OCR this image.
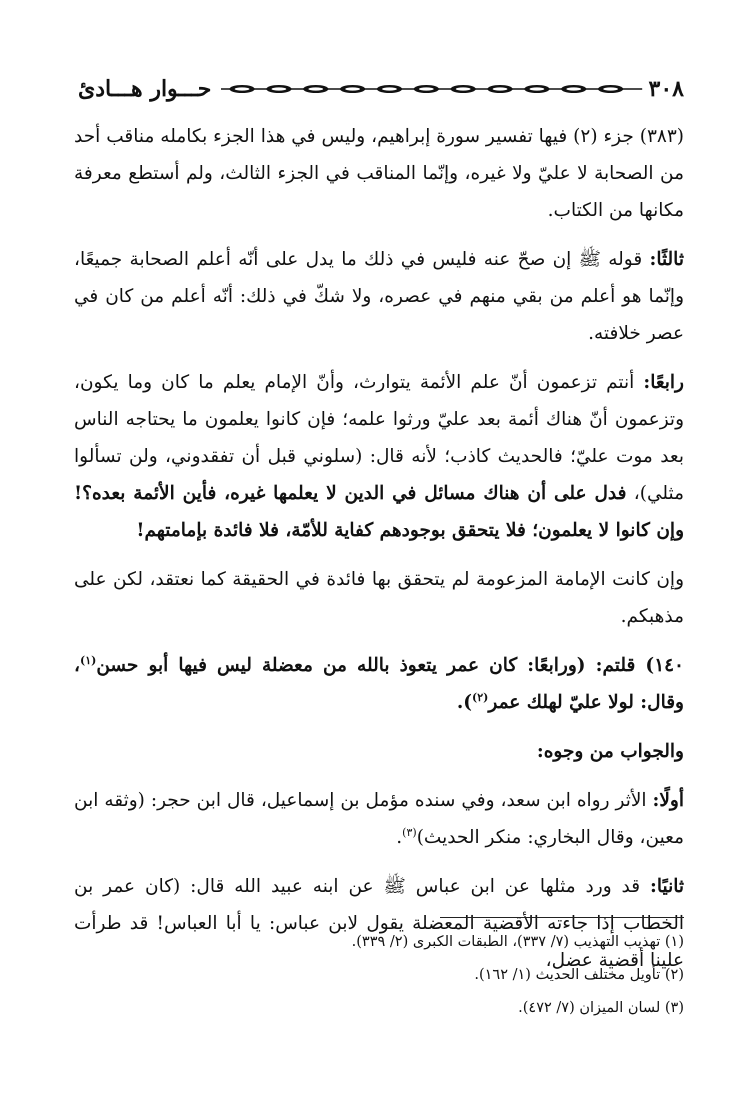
٣٠٨
حـــوار هـــادئ

(٣٨٣) جزء (٢) فيها تفسير سورة إبراهيم، وليس في هذا الجزء بكامله مناقب أحد من الصحابة لا عليّ ولا غيره، وإنّما المناقب في الجزء الثالث، ولم أستطع معرفة مكانها من الكتاب.

ثالثًا: قوله ﷺ إن صحّ عنه فليس في ذلك ما يدل على أنّه أعلم الصحابة جميعًا، وإنّما هو أعلم من بقي منهم في عصره، ولا شكّ في ذلك: أنّه أعلم من كان في عصر خلافته.

رابعًا: أنتم تزعمون أنّ علم الأئمة يتوارث، وأنّ الإمام يعلم ما كان وما يكون، وتزعمون أنّ هناك أئمة بعد عليّ ورثوا علمه؛ فإن كانوا يعلمون ما يحتاجه الناس بعد موت عليّ؛ فالحديث كاذب؛ لأنه قال: (سلوني قبل أن تفقدوني، ولن تسألوا مثلي)، فدل على أن هناك مسائل في الدين لا يعلمها غيره، فأين الأئمة بعده؟! وإن كانوا لا يعلمون؛ فلا يتحقق بوجودهم كفاية للأمّة، فلا فائدة بإمامتهم!

وإن كانت الإمامة المزعومة لم يتحقق بها فائدة في الحقيقة كما نعتقد، لكن على مذهبكم.

١٤٠) قلتم: (ورابعًا: كان عمر يتعوذ بالله من معضلة ليس فيها أبو حسن$^{(١)}$، وقال: لولا عليّ لهلك عمر$^{(٢)}$).

والجواب من وجوه:

أولًا: الأثر رواه ابن سعد، وفي سنده مؤمل بن إسماعيل، قال ابن حجر: (وثقه ابن معين، وقال البخاري: منكر الحديث)$^{(٣)}$.

ثانيًا: قد ورد مثلها عن ابن عباس ﷺ عن ابنه عبيد الله قال: (كان عمر بن الخطاب إذا جاءته الأقضية المعضلة يقول لابن عباس: يا أبا العباس! قد طرأت علينا أقضية عضل،

(١) تهذيب التهذيب (٧/ ٣٣٧)، الطبقات الكبرى (٢/ ٣٣٩).
(٢) تأويل مختلف الحديث (١/ ١٦٢).
(٣) لسان الميزان (٧/ ٤٧٢).
